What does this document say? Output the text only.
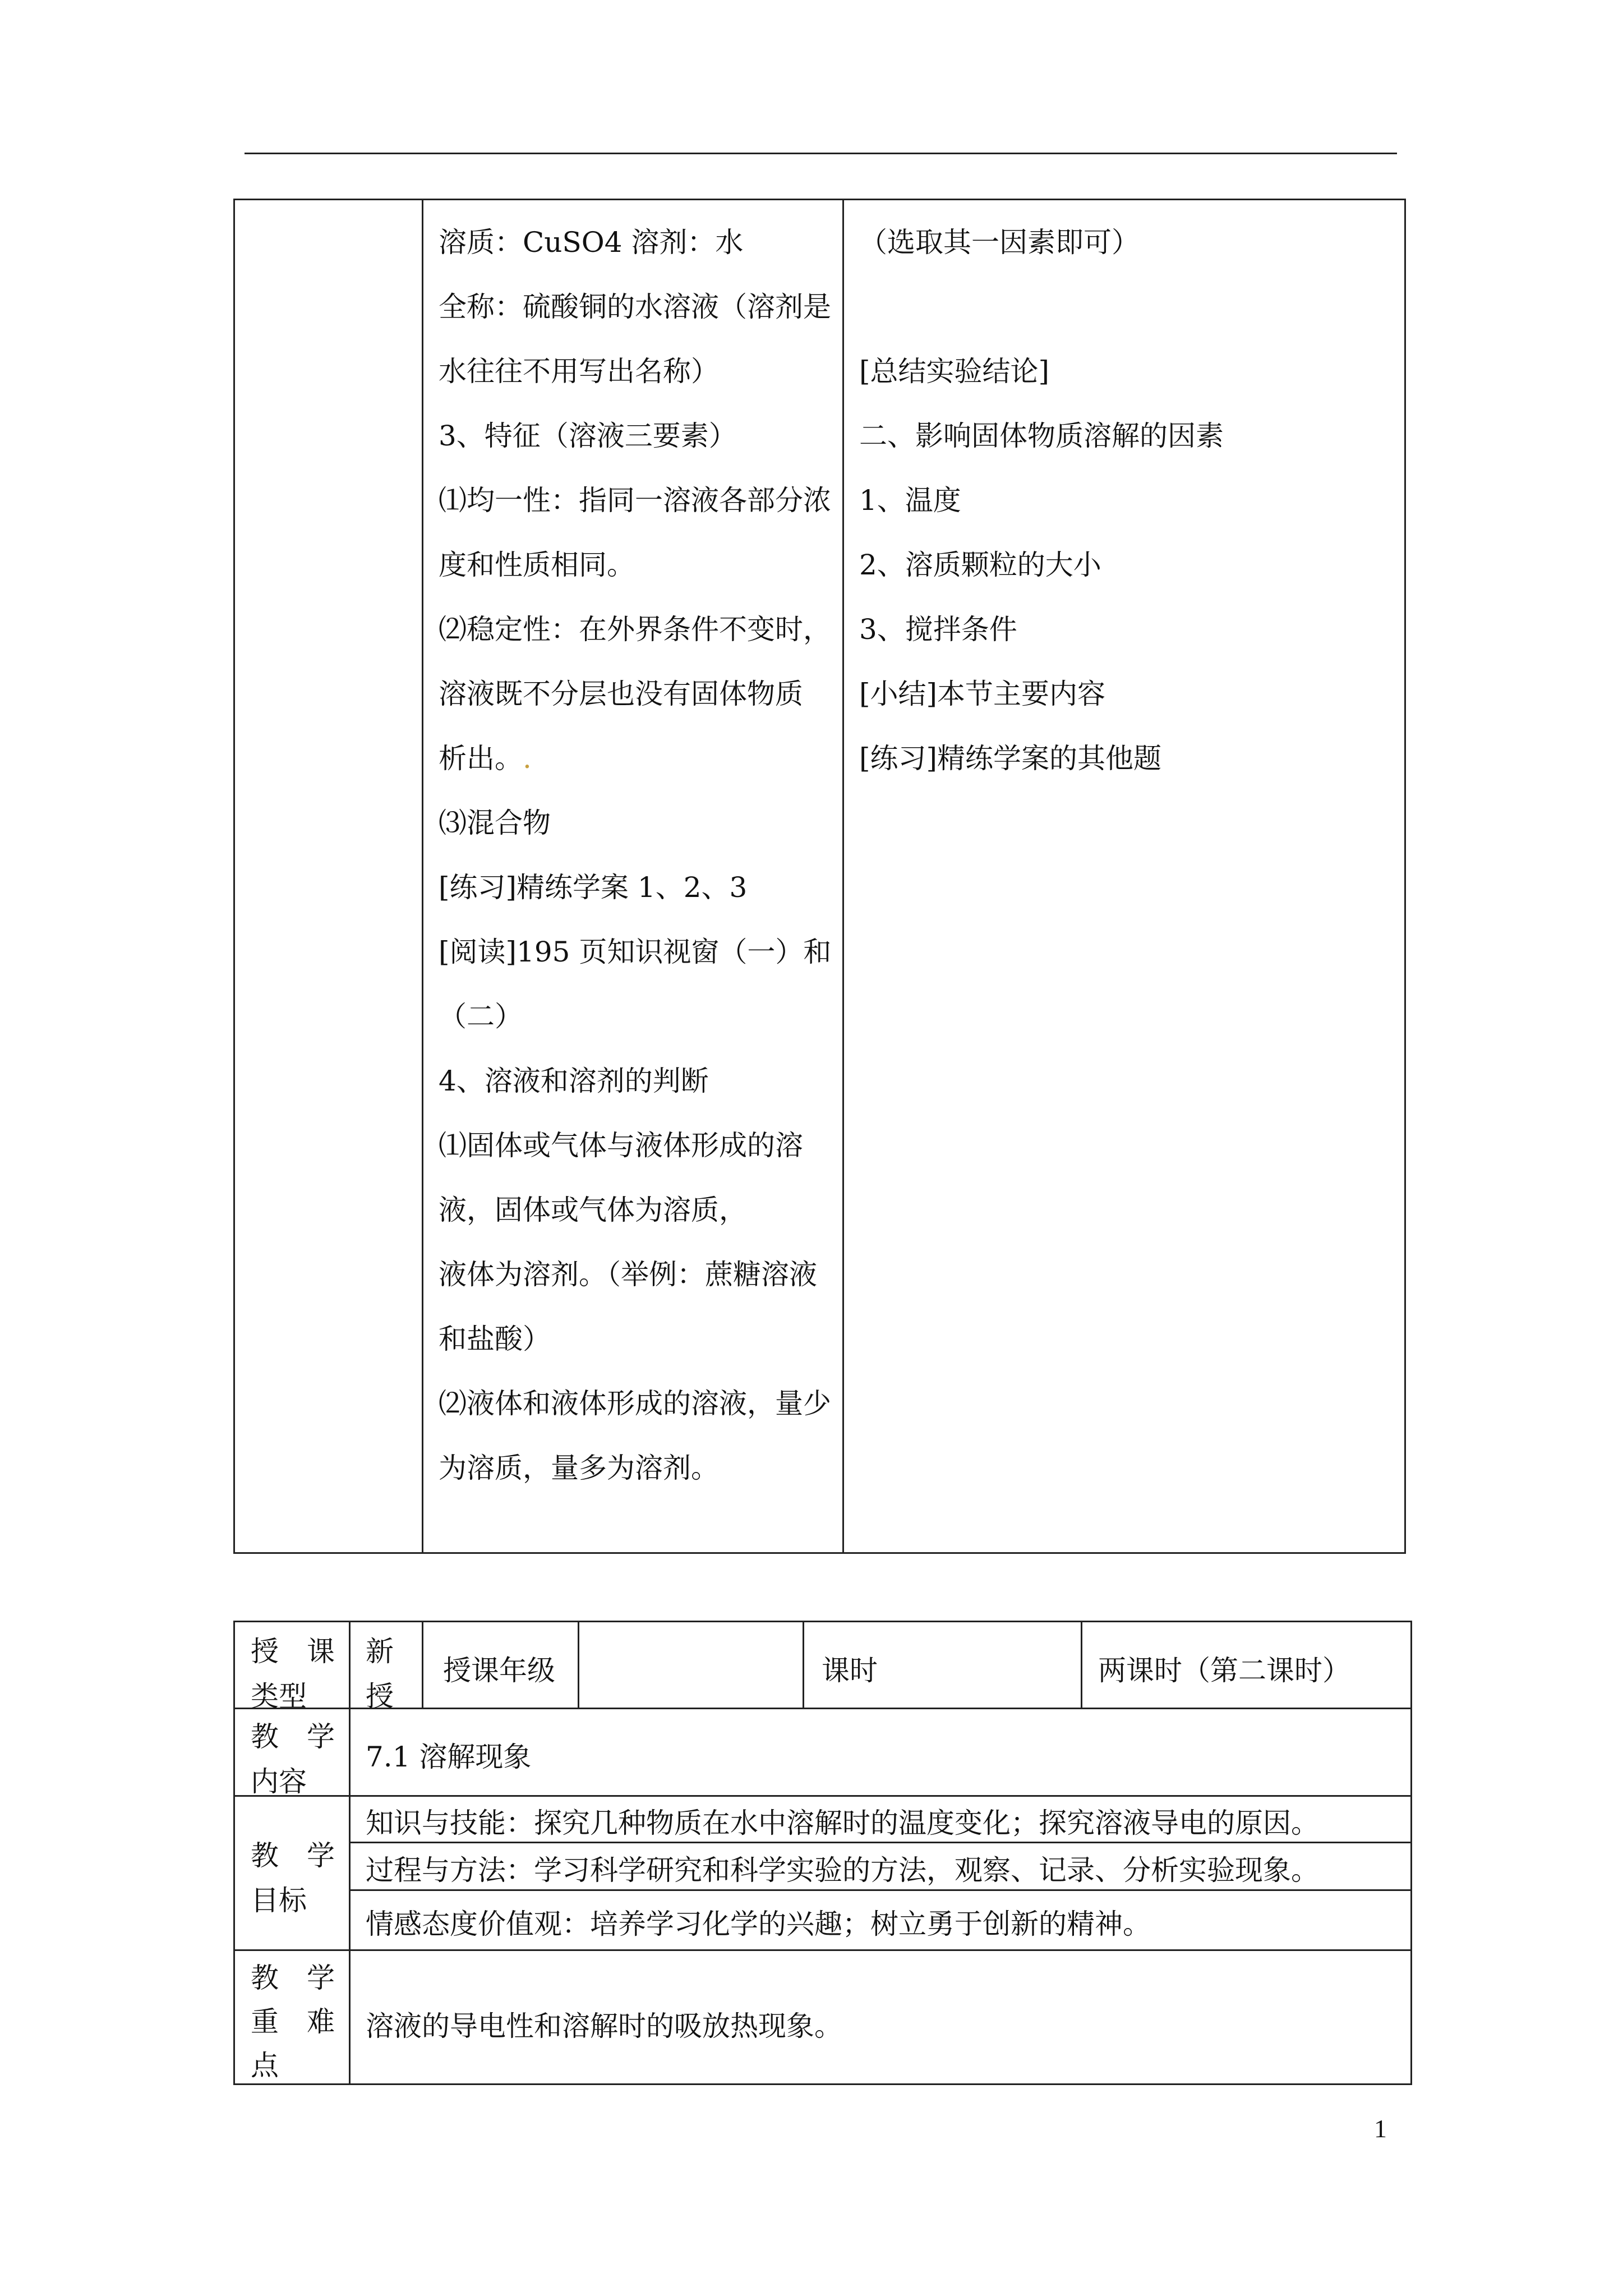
溶质：CuSO4 溶剂：水
全称：硫酸铜的水溶液（溶剂是
水往往不用写出名称）
3、特征（溶液三要素）
⑴均一性：指同一溶液各部分浓
度和性质相同。
⑵稳定性：在外界条件不变时，
溶液既不分层也没有固体物质
析出。.
⑶混合物
[练习]精练学案 1、2、3
[阅读]195 页知识视窗（一）和
（二）
4、溶液和溶剂的判断
⑴固体或气体与液体形成的溶
液，固体或气体为溶质，
液体为溶剂。（举例：蔗糖溶液
和盐酸）
⑵液体和液体形成的溶液，量少
为溶质，量多为溶剂。
（选取其一因素即可）

[总结实验结论]
二、影响固体物质溶解的因素
1、温度
2、溶质颗粒的大小
3、搅拌条件
[小结]本节主要内容
[练习]精练学案的其他题
授 课
类型
新
授
授课年级	课时	两课时（第二课时）
教 学
内容
7.1 溶解现象
教 学
目标
知识与技能：探究几种物质在水中溶解时的温度变化；探究溶液导电的原因。
过程与方法：学习科学研究和科学实验的方法，观察、记录、分析实验现象。
情感态度价值观：培养学习化学的兴趣；树立勇于创新的精神。
教 学
重 难
点
溶液的导电性和溶解时的吸放热现象。
1
